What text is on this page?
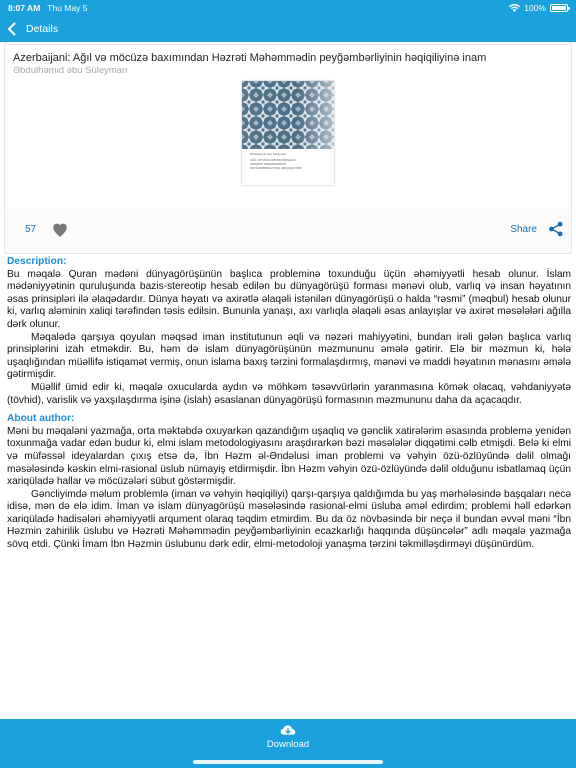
8:07 AM Thu May 5	100%
Details
Azerbaijani: Ağıl və möcüzə baxımından Həzrəti Məhəmmədin peyğəmbərliyinin həqiqiliyinə inam
Əbdulhəmid əbu Süleyman
Əbdülhəmid əbu Süleyman
AĞIL VƏ MÖCÜZƏ BAXIMINDAN
HƏZRƏTİ MƏHƏMMƏDİN
PEYĞƏMBƏRLİYİNİN HƏQİQİLİYİNƏ
57	Share
Description:
Bu məqalə Quran mədəni dünyagörüşünün başlıca probleminə toxunduğu üçün əhəmiyyətli hesab olunur. İslam mədəniyyətinin quruluşunda bazis-stereotip hesab edilən bu dünyagörüşü forması mənəvi olub, varlıq və insan həyatının əsas prinsipləri ilə əlaqədardır. Dünya həyatı və axirətlə əlaqəli istənilən dünyagörüşü o halda “rəsmi” (məqbul) hesab olunur ki, varlıq aləminin xaliqi tərəfindən təsis edilsin. Bununla yanaşı, axı varlıqla əlaqəli əsas anlayışlar və axirət məsələləri ağılla dərk olunur.
Məqalədə qarşıya qoyulan məqsəd iman institutunun əqli və nəzəri mahiyyətini, bundan irəli gələn başlıca varlıq prinsiplərini izah etməkdir. Bu, həm də islam dünyagörüşünün məzmununu əmələ gətirir. Elə bir məzmun ki, hələ uşaqlığından müəllifə istiqamət vermiş, onun islama baxış tərzini formalaşdırmış, mənəvi və maddi həyatının mənasını əmələ gətirmişdir.
Müəllif ümid edir ki, məqalə oxucularda aydın və möhkəm təsəvvürlərin yaranmasına kömək olacaq, vəhdaniyyətə (tövhid), varislik və yaxşılaşdırma işinə (islah) əsaslanan dünyagörüşü formasının məzmununu daha da açacaqdır.
About author:
Məni bu məqaləni yazmağa, orta məktəbdə oxuyarkən qazandığım uşaqlıq və gənclik xatirələrim əsasında problemə yenidən toxunmağa vadar edən budur ki, elmi islam metodologiyasını araşdırarkən bəzi məsələlər diqqətimi cəlb etmişdi. Belə ki elmi və müfəssəl ideyalardan çıxış etsə də, İbn Həzm əl-Əndəlusi iman problemi və vəhyin özü-özlüyündə dəlil olmağı məsələsində kəskin elmi-rasional üslub nümayiş etdirmişdir. İbn Həzm vəhyin özü-özlüyündə dəlil olduğunu isbatlamaq üçün xariqüladə hallar və möcüzələri sübut göstərmişdir.
Gəncliyimdə məlum problemlə (iman və vəhyin həqiqiliyi) qarşı-qarşıya qaldığımda bu yaş mərhələsində başqaları necə idisə, mən də elə idim. İman və islam dünyagörüşü məsələsində rasional-elmi üsluba əməl edirdim; problemi həll edərkən xariqüladə hadisələri əhəmiyyətli arqument olaraq təqdim etmirdim. Bu da öz növbəsində bir neçə il bundan əvvəl məni “İbn Həzmin zahirilik üslubu və Həzrəti Məhəmmədin peyğəmbərliyinin ecazkarlığı haqqında düşüncələr” adlı məqalə yazmağa sövq etdi. Çünki İmam İbn Həzmin üslubunu dərk edir, elmi-metodoloji yanaşma tərzini təkmilləşdirməyi düşünürdüm.
Download
